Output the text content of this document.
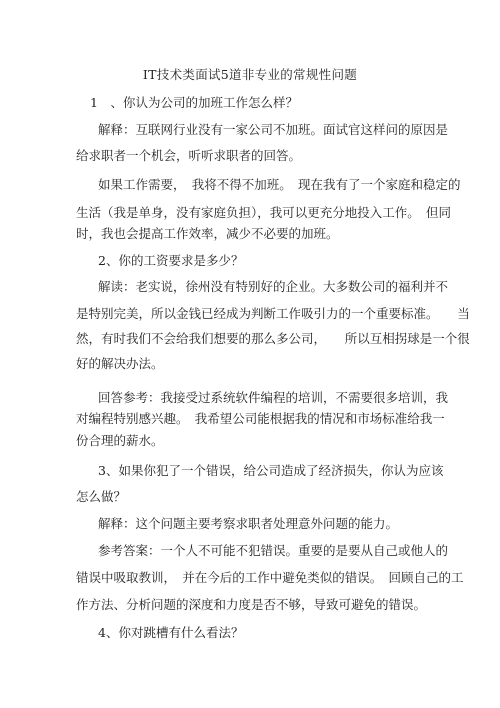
IT技术类面试5道非专业的常规性问题
1　、你认为公司的加班工作怎么样？
解释：互联网行业没有一家公司不加班。面试官这样问的原因是
给求职者一个机会，听听求职者的回答。
如果工作需要，　我将不得不加班。　现在我有了一个家庭和稳定的
生活（我是单身，没有家庭负担），我可以更充分地投入工作。　但同
时，我也会提高工作效率，减少不必要的加班。
2、你的工资要求是多少？
解读：老实说，徐州没有特别好的企业。大多数公司的福利并不
是特别完美，所以金钱已经成为判断工作吸引力的一个重要标准。　　当
然，有时我们不会给我们想要的那么多公司，　　所以互相拐球是一个很
好的解决办法。
回答参考：我接受过系统软件编程的培训，不需要很多培训，我
对编程特别感兴趣。　我希望公司能根据我的情况和市场标准给我一
份合理的薪水。
3、如果你犯了一个错误，给公司造成了经济损失，你认为应该
怎么做？
解释：这个问题主要考察求职者处理意外问题的能力。
参考答案：一个人不可能不犯错误。重要的是要从自己或他人的
错误中吸取教训，　并在今后的工作中避免类似的错误。　回顾自己的工
作方法、分析问题的深度和力度是否不够，导致可避免的错误。
4、你对跳槽有什么看法？
